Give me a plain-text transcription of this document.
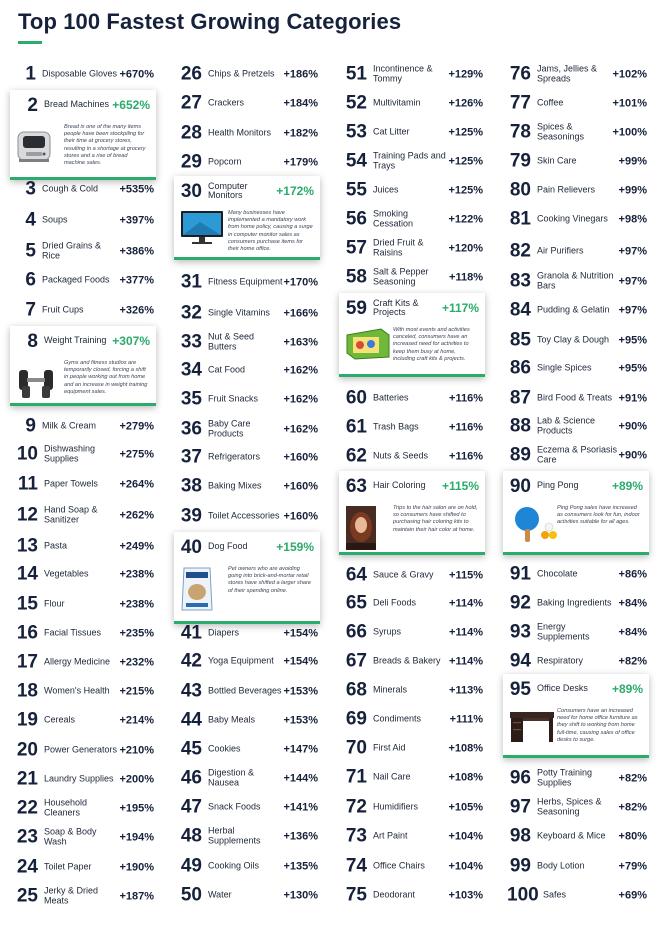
Top 100 Fastest Growing Categories
1 Disposable Gloves +670%
2 Bread Machines +652%
Bread is one of the many items people have been stockpiling for their time at grocery stores, resulting in a shortage at grocery stores and a rise of bread machine sales.
3 Cough & Cold	+535%
4 Soups	+397%
5 Dried Grains & Rice	+386%
6 Packaged Foods +377%
7 Fruit Cups	+326%
8 Weight Training +307%
Gyms and fitness studios are temporarily closed, forcing a shift in people working out from home and an increase in weight training equipment sales.
9 Milk & Cream	+279%
10 Dishwashing Supplies	+275%
11 Paper Towels	+264%
12 Hand Soap & Sanitizer	+262%
13 Pasta	+249%
14 Vegetables	+238%
15 Flour	+238%
16 Facial Tissues	+235%
17 Allergy Medicine +232%
18 Women's Health +215%
19 Cereals	+214%
20 Power Generators +210%
21 Laundry Supplies +200%
22 Household Cleaners	+195%
23 Soap & Body Wash	+194%
24 Toilet Paper	+190%
25 Jerky & Dried Meats	+187%
26 Chips & Pretzels +186%
27 Crackers	+184%
28 Health Monitors	+182%
29 Popcorn	+179%
30 Computer Monitors	+172%
Many businesses have implemented a mandatory work from home policy, causing a surge in computer monitor sales as consumers purchase items for their home office.
31 Fitness Equipment +170%
32 Single Vitamins	+166%
33 Nut & Seed Butters	+163%
34 Cat Food	+162%
35 Fruit Snacks	+162%
36 Baby Care Products	+162%
37 Refrigerators	+160%
38 Baking Mixes	+160%
39 Toilet Accessories +160%
40 Dog Food	+159%
Pet owners who are avoiding going into brick-and-mortar retail stores have shifted a larger share of their spending online.
41 Diapers	+154%
42 Yoga Equipment +154%
43 Bottled Beverages +153%
44 Baby Meals	+153%
45 Cookies	+147%
46 Digestion & Nausea	+144%
47 Snack Foods	+141%
48 Herbal Supplements	+136%
49 Cooking Oils	+135%
50 Water	+130%
51 Incontinence & Tommy	+129%
52 Multivitamin	+126%
53 Cat Litter	+125%
54 Training Pads and Trays	+125%
55 Juices	+125%
56 Smoking Cessation	+122%
57 Dried Fruit & Raisins	+120%
58 Salt & Pepper Seasoning	+118%
59 Craft Kits & Projects	+117%
With most events and activities canceled, consumers have an increased need for activities to keep them busy at home, including craft kits & projects.
60 Batteries	+116%
61 Trash Bags	+116%
62 Nuts & Seeds	+116%
63 Hair Coloring	+115%
Trips to the hair salon are on hold, so consumers have shifted to purchasing hair coloring kits to maintain their hair color at home.
64 Sauce & Gravy	+115%
65 Deli Foods	+114%
66 Syrups	+114%
67 Breads & Bakery +114%
68 Minerals	+113%
69 Condiments	+111%
70 First Aid	+108%
71 Nail Care	+108%
72 Humidifiers	+105%
73 Art Paint	+104%
74 Office Chairs	+104%
75 Deodorant	+103%
76 Jams, Jellies & Spreads	+102%
77 Coffee	+101%
78 Spices & Seasonings	+100%
79 Skin Care	+99%
80 Pain Relievers	+99%
81 Cooking Vinegars +98%
82 Air Purifiers	+97%
83 Granola & Nutrition Bars	+97%
84 Pudding & Gelatin +97%
85 Toy Clay & Dough +95%
86 Single Spices	+95%
87 Bird Food & Treats +91%
88 Lab & Science Products	+90%
89 Eczema & Psoriasis Care	+90%
90 Ping Pong	+89%
Ping Pong sales have increased as consumers look for fun, indoor activities suitable for all ages.
91 Chocolate	+86%
92 Baking Ingredients +84%
93 Energy Supplements	+84%
94 Respiratory	+82%
95 Office Desks	+89%
Consumers have an increased need for home office furniture as they shift to working from home full-time, causing sales of office desks to surge.
96 Potty Training Supplies	+82%
97 Herbs, Spices & Seasoning	+82%
98 Keyboard & Mice	+80%
99 Body Lotion	+79%
100 Safes	+69%
